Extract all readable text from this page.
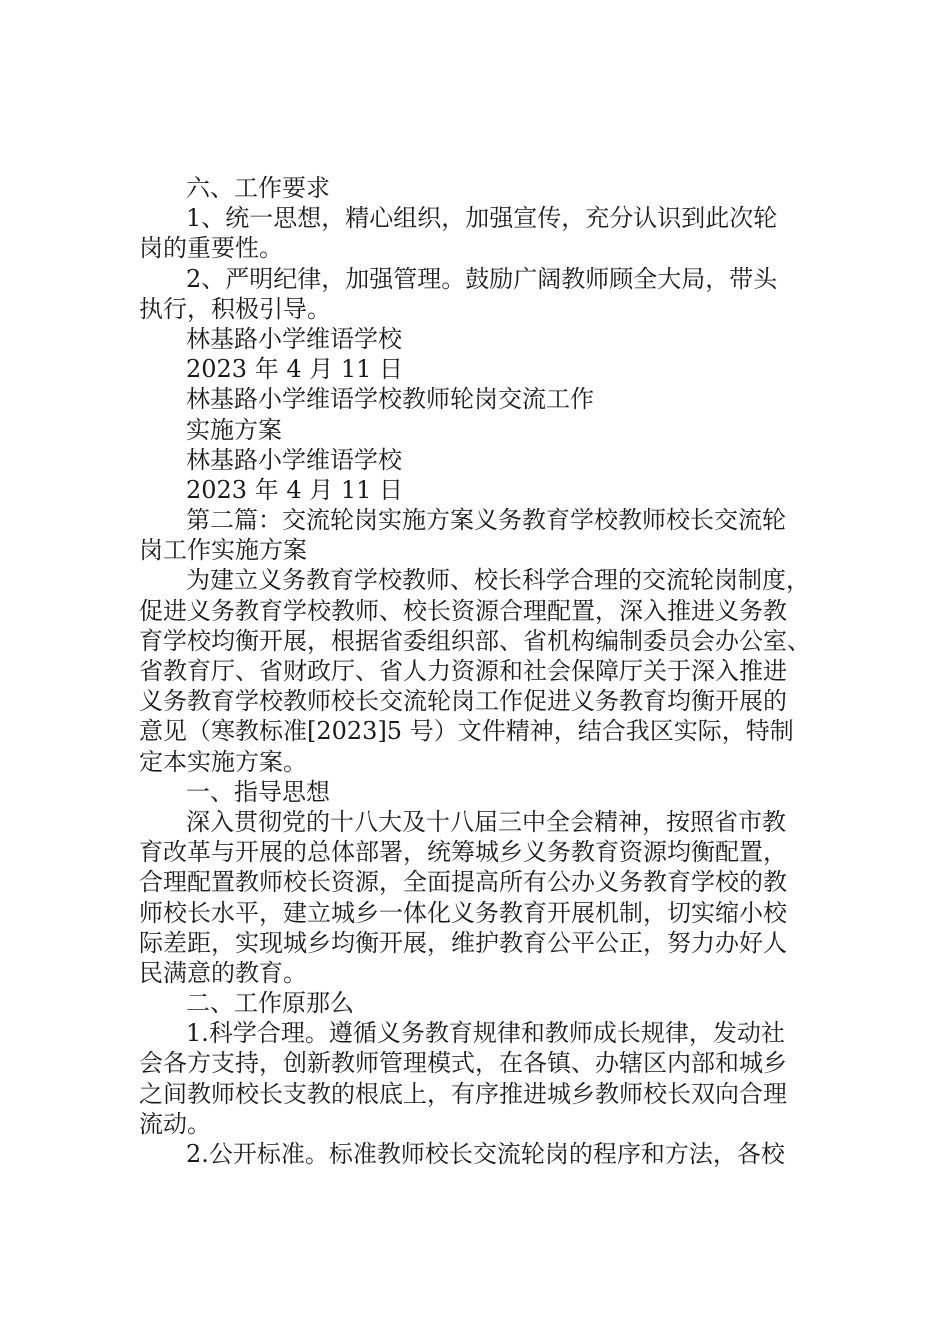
六、工作要求
1、统一思想，精心组织，加强宣传，充分认识到此次轮
岗的重要性。
2、严明纪律，加强管理。鼓励广阔教师顾全大局，带头
执行，积极引导。
林基路小学维语学校
2023 年 4 月 11 日
林基路小学维语学校教师轮岗交流工作
实施方案
林基路小学维语学校
2023 年 4 月 11 日
第二篇：交流轮岗实施方案义务教育学校教师校长交流轮
岗工作实施方案
为建立义务教育学校教师、校长科学合理的交流轮岗制度，
促进义务教育学校教师、校长资源合理配置，深入推进义务教
育学校均衡开展，根据省委组织部、省机构编制委员会办公室、
省教育厅、省财政厅、省人力资源和社会保障厅关于深入推进
义务教育学校教师校长交流轮岗工作促进义务教育均衡开展的
意见（寒教标准[2023]5 号）文件精神，结合我区实际，特制
定本实施方案。
一、指导思想
深入贯彻党的十八大及十八届三中全会精神，按照省市教
育改革与开展的总体部署，统筹城乡义务教育资源均衡配置，
合理配置教师校长资源，全面提高所有公办义务教育学校的教
师校长水平，建立城乡一体化义务教育开展机制，切实缩小校
际差距，实现城乡均衡开展，维护教育公平公正，努力办好人
民满意的教育。
二、工作原那么
1.科学合理。遵循义务教育规律和教师成长规律，发动社
会各方支持，创新教师管理模式，在各镇、办辖区内部和城乡
之间教师校长支教的根底上，有序推进城乡教师校长双向合理
流动。
2.公开标准。标准教师校长交流轮岗的程序和方法，各校
